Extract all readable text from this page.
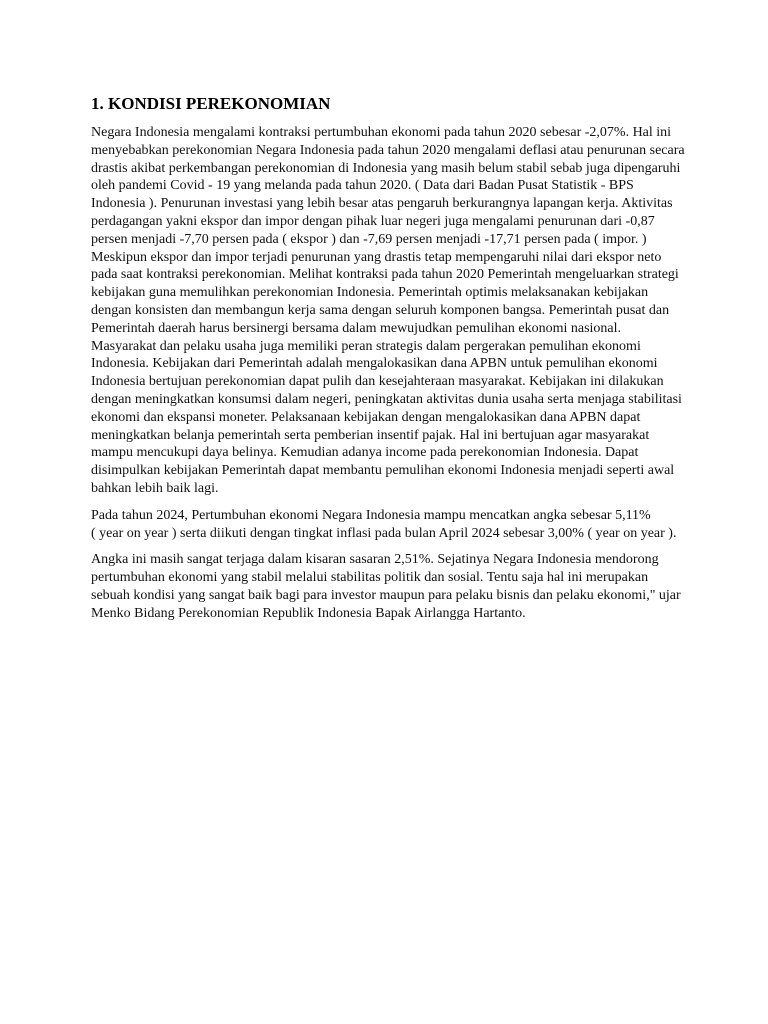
1. KONDISI PEREKONOMIAN

Negara Indonesia mengalami kontraksi pertumbuhan ekonomi pada tahun 2020 sebesar -2,07%. Hal ini
menyebabkan perekonomian Negara Indonesia pada tahun 2020 mengalami deflasi atau penurunan secara
drastis akibat perkembangan perekonomian di Indonesia yang masih belum stabil sebab juga dipengaruhi
oleh pandemi Covid - 19 yang melanda pada tahun 2020. ( Data dari Badan Pusat Statistik - BPS
Indonesia ). Penurunan investasi yang lebih besar atas pengaruh berkurangnya lapangan kerja. Aktivitas
perdagangan yakni ekspor dan impor dengan pihak luar negeri juga mengalami penurunan dari -0,87
persen menjadi -7,70 persen pada ( ekspor ) dan -7,69 persen menjadi -17,71 persen pada ( impor. )
Meskipun ekspor dan impor terjadi penurunan yang drastis tetap mempengaruhi nilai dari ekspor neto
pada saat kontraksi perekonomian. Melihat kontraksi pada tahun 2020 Pemerintah mengeluarkan strategi
kebijakan guna memulihkan perekonomian Indonesia. Pemerintah optimis melaksanakan kebijakan
dengan konsisten dan membangun kerja sama dengan seluruh komponen bangsa. Pemerintah pusat dan
Pemerintah daerah harus bersinergi bersama dalam mewujudkan pemulihan ekonomi nasional.
Masyarakat dan pelaku usaha juga memiliki peran strategis dalam pergerakan pemulihan ekonomi
Indonesia. Kebijakan dari Pemerintah adalah mengalokasikan dana APBN untuk pemulihan ekonomi
Indonesia bertujuan perekonomian dapat pulih dan kesejahteraan masyarakat. Kebijakan ini dilakukan
dengan meningkatkan konsumsi dalam negeri, peningkatan aktivitas dunia usaha serta menjaga stabilitasi
ekonomi dan ekspansi moneter. Pelaksanaan kebijakan dengan mengalokasikan dana APBN dapat
meningkatkan belanja pemerintah serta pemberian insentif pajak. Hal ini bertujuan agar masyarakat
mampu mencukupi daya belinya. Kemudian adanya income pada perekonomian Indonesia. Dapat
disimpulkan kebijakan Pemerintah dapat membantu pemulihan ekonomi Indonesia menjadi seperti awal
bahkan lebih baik lagi.

Pada tahun 2024, Pertumbuhan ekonomi Negara Indonesia mampu mencatkan angka sebesar 5,11%
( year on year ) serta diikuti dengan tingkat inflasi pada bulan April 2024 sebesar 3,00% ( year on year ).

Angka ini masih sangat terjaga dalam kisaran sasaran 2,51%. Sejatinya Negara Indonesia mendorong
pertumbuhan ekonomi yang stabil melalui stabilitas politik dan sosial. Tentu saja hal ini merupakan
sebuah kondisi yang sangat baik bagi para investor maupun para pelaku bisnis dan pelaku ekonomi," ujar
Menko Bidang Perekonomian Republik Indonesia Bapak Airlangga Hartanto.
